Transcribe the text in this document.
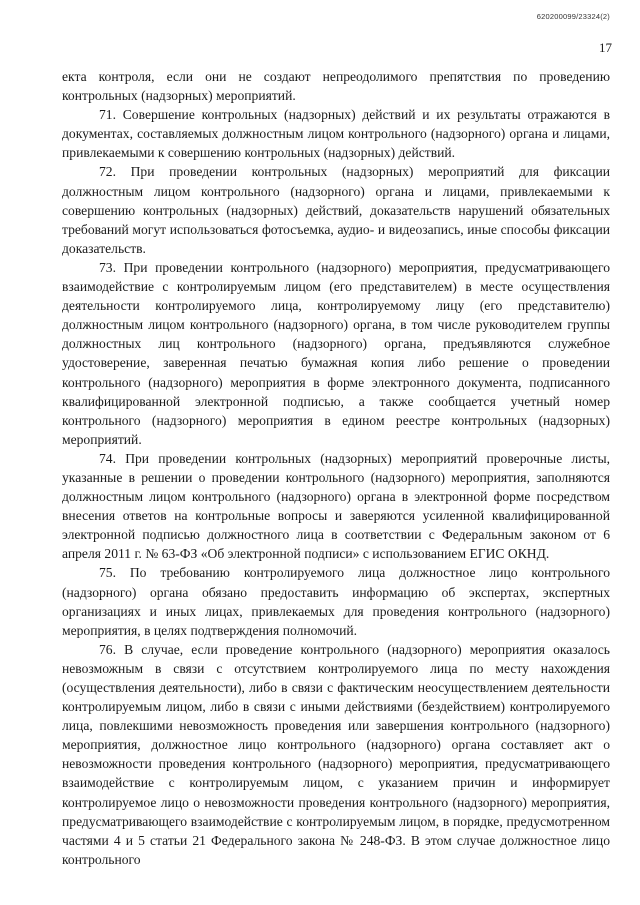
620200099/23324(2)
17

екта контроля, если они не создают непреодолимого препятствия по проведению контрольных (надзорных) мероприятий.

71. Совершение контрольных (надзорных) действий и их результаты отражаются в документах, составляемых должностным лицом контрольного (надзорного) органа и лицами, привлекаемыми к совершению контрольных (надзорных) действий.

72. При проведении контрольных (надзорных) мероприятий для фиксации должностным лицом контрольного (надзорного) органа и лицами, привлекаемыми к совершению контрольных (надзорных) действий, доказательств нарушений обязательных требований могут использоваться фотосъемка, аудио- и видеозапись, иные способы фиксации доказательств.

73. При проведении контрольного (надзорного) мероприятия, предусматривающего взаимодействие с контролируемым лицом (его представителем) в месте осуществления деятельности контролируемого лица, контролируемому лицу (его представителю) должностным лицом контрольного (надзорного) органа, в том числе руководителем группы должностных лиц контрольного (надзорного) органа, предъявляются служебное удостоверение, заверенная печатью бумажная копия либо решение о проведении контрольного (надзорного) мероприятия в форме электронного документа, подписанного квалифицированной электронной подписью, а также сообщается учетный номер контрольного (надзорного) мероприятия в едином реестре контрольных (надзорных) мероприятий.

74. При проведении контрольных (надзорных) мероприятий проверочные листы, указанные в решении о проведении контрольного (надзорного) мероприятия, заполняются должностным лицом контрольного (надзорного) органа в электронной форме посредством внесения ответов на контрольные вопросы и заверяются усиленной квалифицированной электронной подписью должностного лица в соответствии с Федеральным законом от 6 апреля 2011 г. № 63-ФЗ «Об электронной подписи» с использованием ЕГИС ОКНД.

75. По требованию контролируемого лица должностное лицо контрольного (надзорного) органа обязано предоставить информацию об экспертах, экспертных организациях и иных лицах, привлекаемых для проведения контрольного (надзорного) мероприятия, в целях подтверждения полномочий.

76. В случае, если проведение контрольного (надзорного) мероприятия оказалось невозможным в связи с отсутствием контролируемого лица по месту нахождения (осуществления деятельности), либо в связи с фактическим неосуществлением деятельности контролируемым лицом, либо в связи с иными действиями (бездействием) контролируемого лица, повлекшими невозможность проведения или завершения контрольного (надзорного) мероприятия, должностное лицо контрольного (надзорного) органа составляет акт о невозможности проведения контрольного (надзорного) мероприятия, предусматривающего взаимодействие с контролируемым лицом, с указанием причин и информирует контролируемое лицо о невозможности проведения контрольного (надзорного) мероприятия, предусматривающего взаимодействие с контролируемым лицом, в порядке, предусмотренном частями 4 и 5 статьи 21 Федерального закона № 248-ФЗ. В этом случае должностное лицо контрольного
